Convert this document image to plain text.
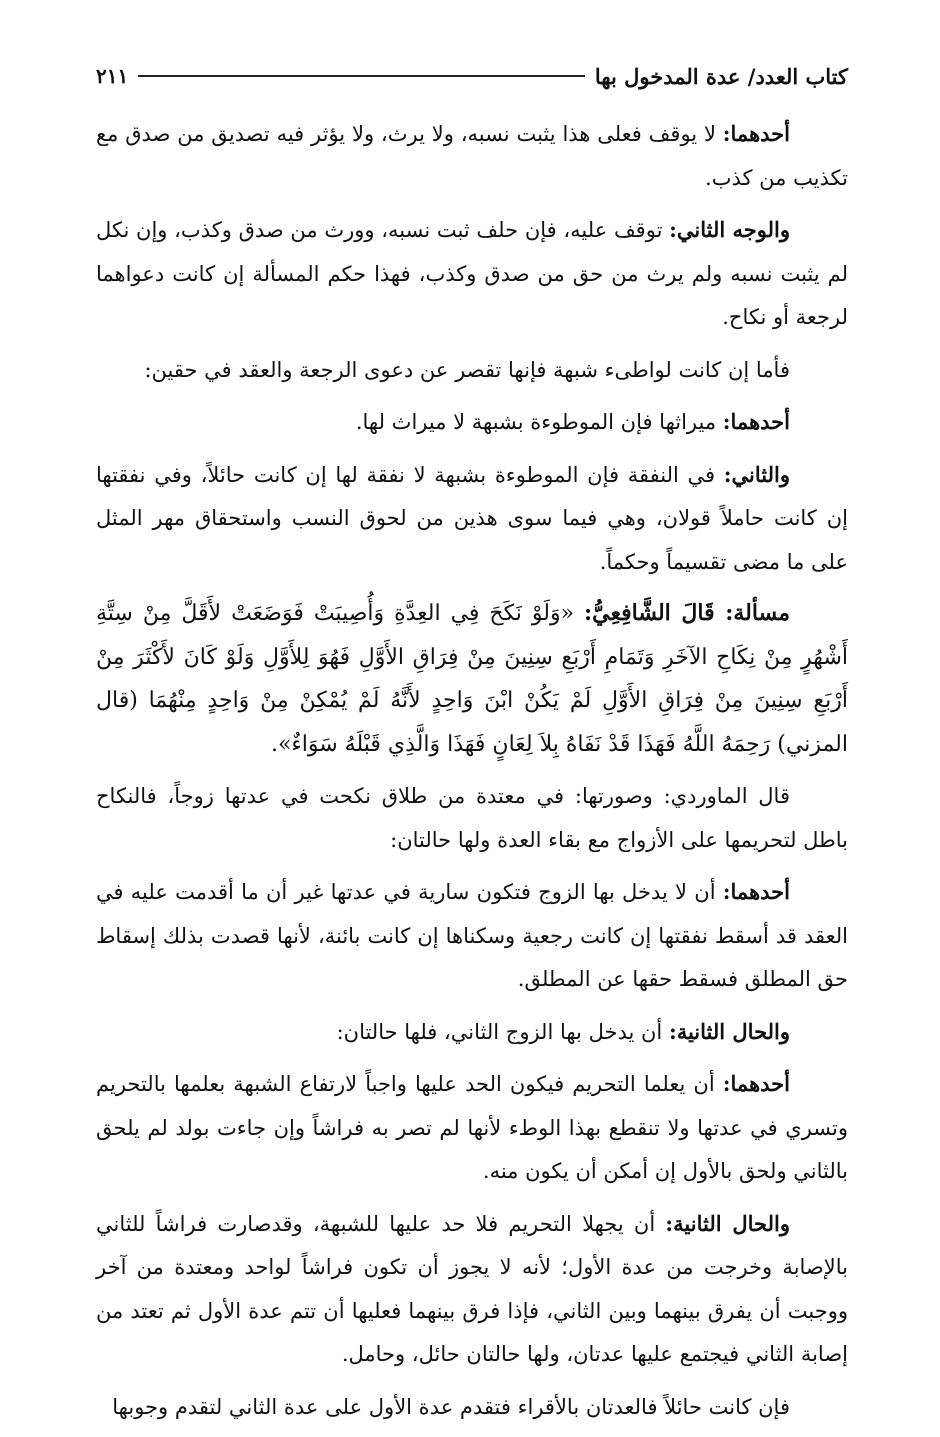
كتاب العدد/ عدة المدخول بها
٢١١

أحدهما: لا يوقف فعلى هذا يثبت نسبه، ولا يرث، ولا يؤثر فيه تصديق من صدق مع تكذيب من كذب.

والوجه الثاني: توقف عليه، فإن حلف ثبت نسبه، وورث من صدق وكذب، وإن نكل لم يثبت نسبه ولم يرث من حق من صدق وكذب، فهذا حكم المسألة إن كانت دعواهما لرجعة أو نكاح.

فأما إن كانت لواطىء شبهة فإنها تقصر عن دعوى الرجعة والعقد في حقين:

أحدهما: ميراثها فإن الموطوءة بشبهة لا ميراث لها.

والثاني: في النفقة فإن الموطوءة بشبهة لا نفقة لها إن كانت حائلاً، وفي نفقتها إن كانت حاملاً قولان، وهي فيما سوى هذين من لحوق النسب واستحقاق مهر المثل على ما مضى تقسيماً وحكماً.

مسألة: قَالَ الشَّافِعِيُّ: «وَلَوْ نَكَحَ فِي العِدَّةِ وَأُصِيبَتْ فَوَضَعَتْ لأَقَلَّ مِنْ سِتَّةِ أَشْهُرٍ مِنْ نِكَاحِ الآخَرِ وَتَمَامِ أَرْبَعِ سِنِينَ مِنْ فِرَاقِ الأَوَّلِ فَهُوَ لِلأَوَّلِ وَلَوْ كَانَ لأَكْثَرَ مِنْ أَرْبَعِ سِنِينَ مِنْ فِرَاقِ الأَوَّلِ لَمْ يَكُنْ ابْنَ وَاحِدٍ لأَنَّهُ لَمْ يُمْكِنْ مِنْ وَاحِدٍ مِنْهُمَا (قال المزني) رَحِمَهُ اللَّهُ فَهَذَا قَدْ نَفَاهُ بِلاَ لِعَانٍ فَهَذَا وَالَّذِي قَبْلَهُ سَوَاءٌ».

قال الماوردي: وصورتها: في معتدة من طلاق نكحت في عدتها زوجاً، فالنكاح باطل لتحريمها على الأزواج مع بقاء العدة ولها حالتان:

أحدهما: أن لا يدخل بها الزوج فتكون سارية في عدتها غير أن ما أقدمت عليه في العقد قد أسقط نفقتها إن كانت رجعية وسكناها إن كانت بائنة، لأنها قصدت بذلك إسقاط حق المطلق فسقط حقها عن المطلق.

والحال الثانية: أن يدخل بها الزوج الثاني، فلها حالتان:

أحدهما: أن يعلما التحريم فيكون الحد عليها واجباً لارتفاع الشبهة بعلمها بالتحريم وتسري في عدتها ولا تنقطع بهذا الوطء لأنها لم تصر به فراشاً وإن جاءت بولد لم يلحق بالثاني ولحق بالأول إن أمكن أن يكون منه.

والحال الثانية: أن يجهلا التحريم فلا حد عليها للشبهة، وقدصارت فراشاً للثاني بالإصابة وخرجت من عدة الأول؛ لأنه لا يجوز أن تكون فراشاً لواحد ومعتدة من آخر ووجبت أن يفرق بينهما وبين الثاني، فإذا فرق بينهما فعليها أن تتم عدة الأول ثم تعتد من إصابة الثاني فيجتمع عليها عدتان، ولها حالتان حائل، وحامل.

فإن كانت حائلاً فالعدتان بالأقراء فتقدم عدة الأول على عدة الثاني لتقدم وجوبها
